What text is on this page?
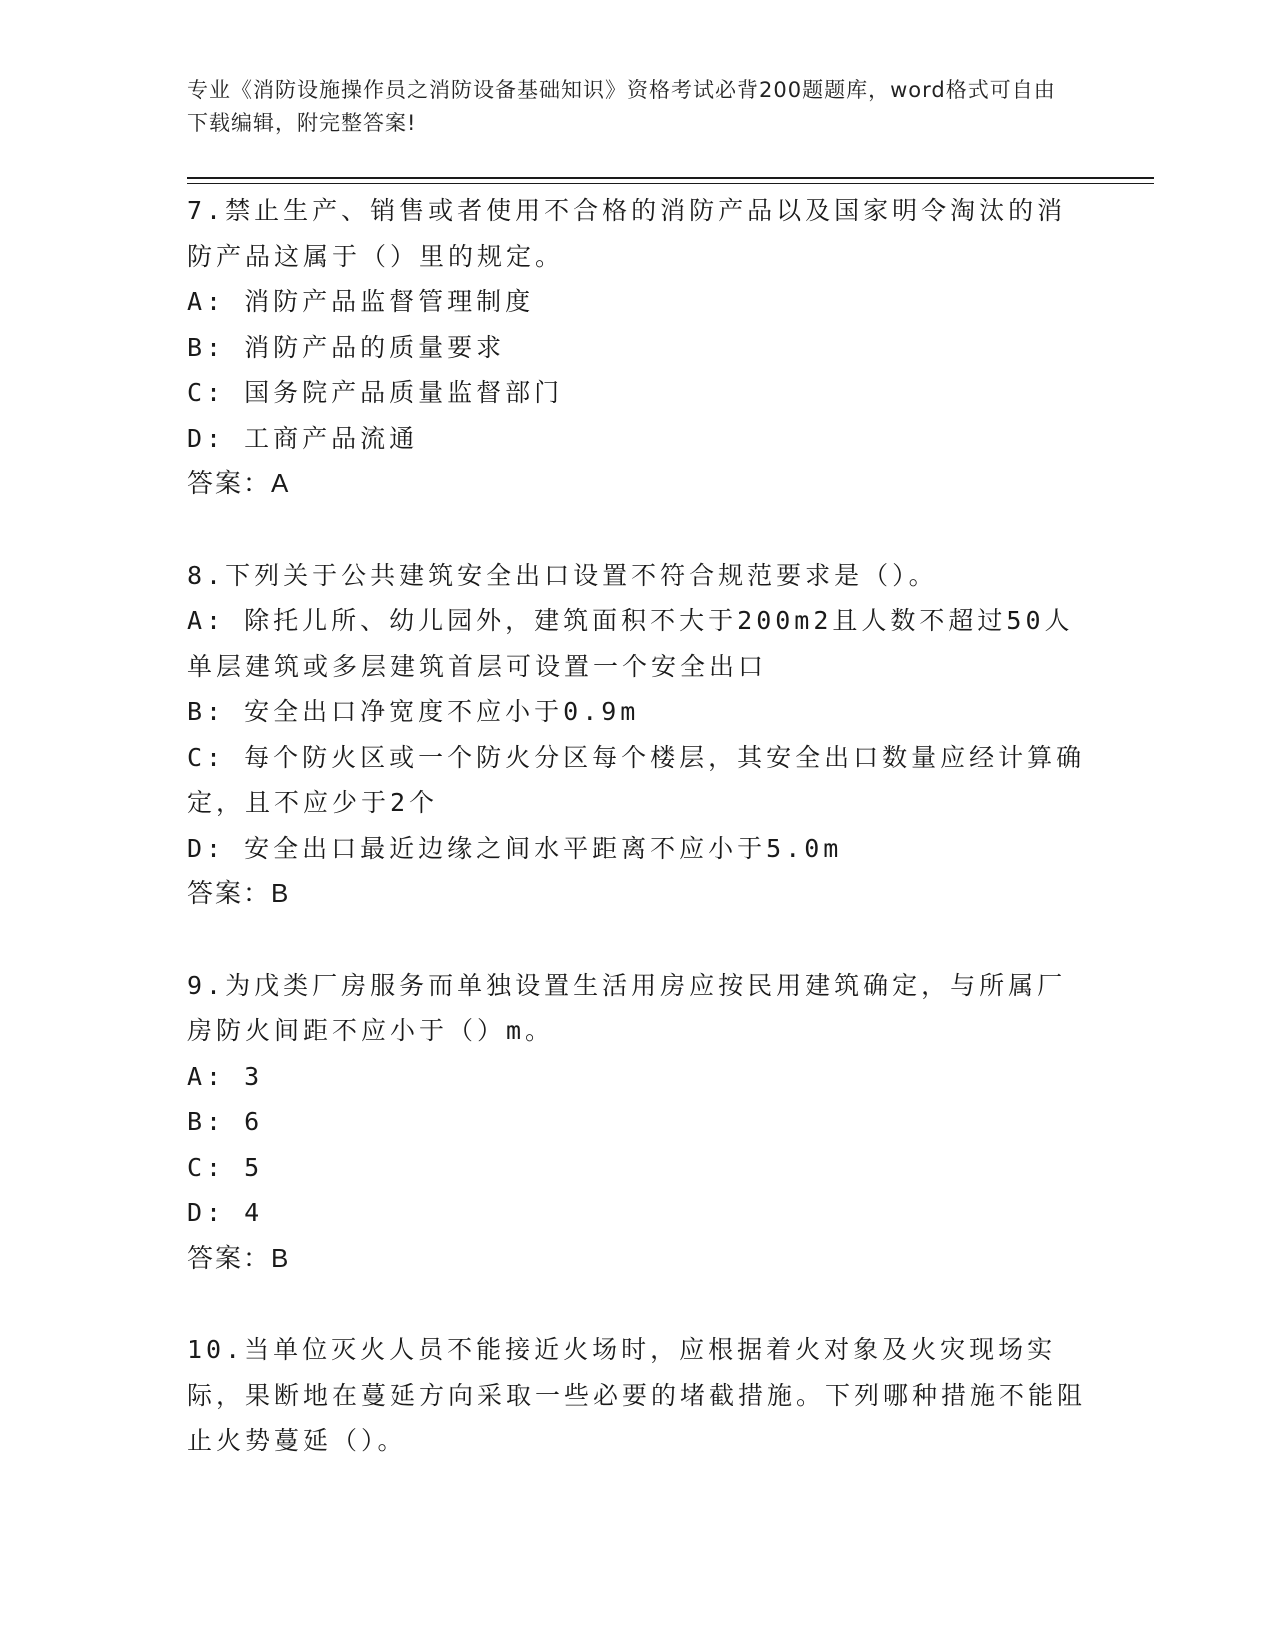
专业《消防设施操作员之消防设备基础知识》资格考试必背200题题库，word格式可自由下载编辑，附完整答案!

7.禁止生产、销售或者使用不合格的消防产品以及国家明令淘汰的消防产品这属于（）里的规定。

A: 消防产品监督管理制度

B: 消防产品的质量要求

C: 国务院产品质量监督部门

D: 工商产品流通

答案：A

8.下列关于公共建筑安全出口设置不符合规范要求是（）。

A: 除托儿所、幼儿园外，建筑面积不大于200m2且人数不超过50人单层建筑或多层建筑首层可设置一个安全出口

B: 安全出口净宽度不应小于0.9m

C: 每个防火区或一个防火分区每个楼层，其安全出口数量应经计算确定，且不应少于2个

D: 安全出口最近边缘之间水平距离不应小于5.0m

答案：B

9.为戊类厂房服务而单独设置生活用房应按民用建筑确定，与所属厂房防火间距不应小于（）m。

A: 3

B: 6

C: 5

D: 4

答案：B

10.当单位灭火人员不能接近火场时，应根据着火对象及火灾现场实际，果断地在蔓延方向采取一些必要的堵截措施。下列哪种措施不能阻止火势蔓延（）。
